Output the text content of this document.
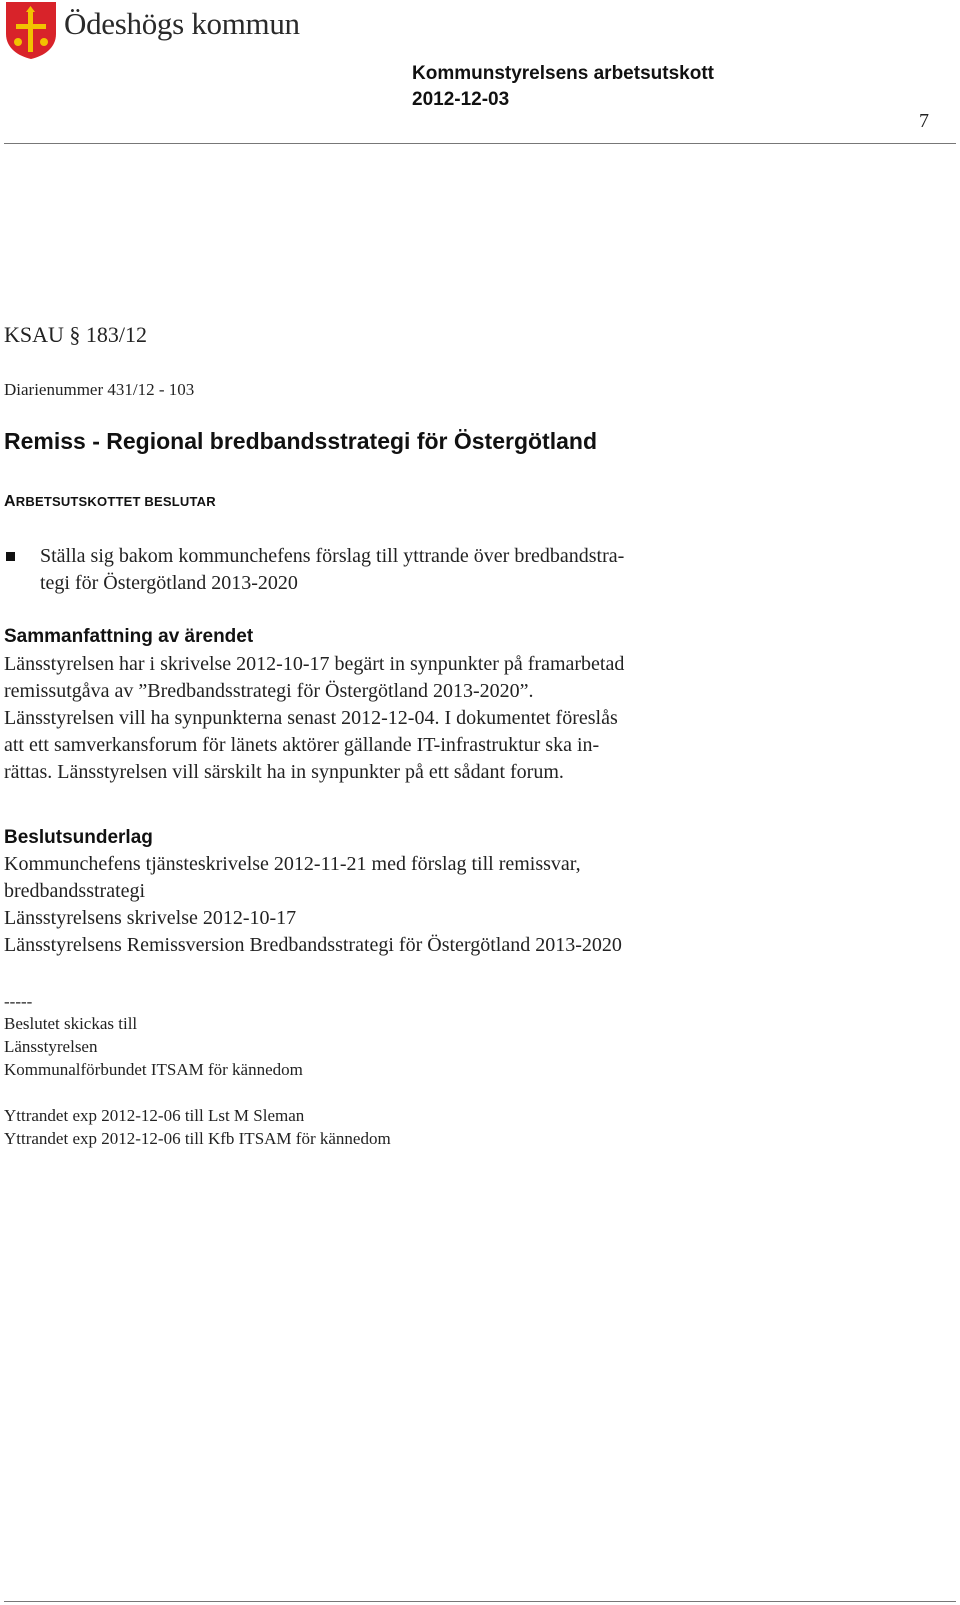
Ödeshögs kommun
Kommunstyrelsens arbetsutskott
2012-12-03
7
KSAU § 183/12
Diarienummer 431/12 - 103
Remiss - Regional bredbandsstrategi för Östergötland
ARBETSUTSKOTTET BESLUTAR
Ställa sig bakom kommunchefens förslag till yttrande över bredbandstra-
tegi för Östergötland 2013-2020
Sammanfattning av ärendet
Länsstyrelsen har i skrivelse 2012-10-17 begärt in synpunkter på framarbetad
remissutgåva av ”Bredbandsstrategi för Östergötland 2013-2020”.
Länsstyrelsen vill ha synpunkterna senast 2012-12-04. I dokumentet föreslås
att ett samverkansforum för länets aktörer gällande IT-infrastruktur ska in-
rättas. Länsstyrelsen vill särskilt ha in synpunkter på ett sådant forum.
Beslutsunderlag
Kommunchefens tjänsteskrivelse 2012-11-21 med förslag till remissvar,
bredbandsstrategi
Länsstyrelsens skrivelse 2012-10-17
Länsstyrelsens Remissversion Bredbandsstrategi för Östergötland 2013-2020
-----
Beslutet skickas till
Länsstyrelsen
Kommunalförbundet ITSAM för kännedom
Yttrandet exp 2012-12-06 till Lst M Sleman
Yttrandet exp 2012-12-06 till Kfb ITSAM för kännedom
